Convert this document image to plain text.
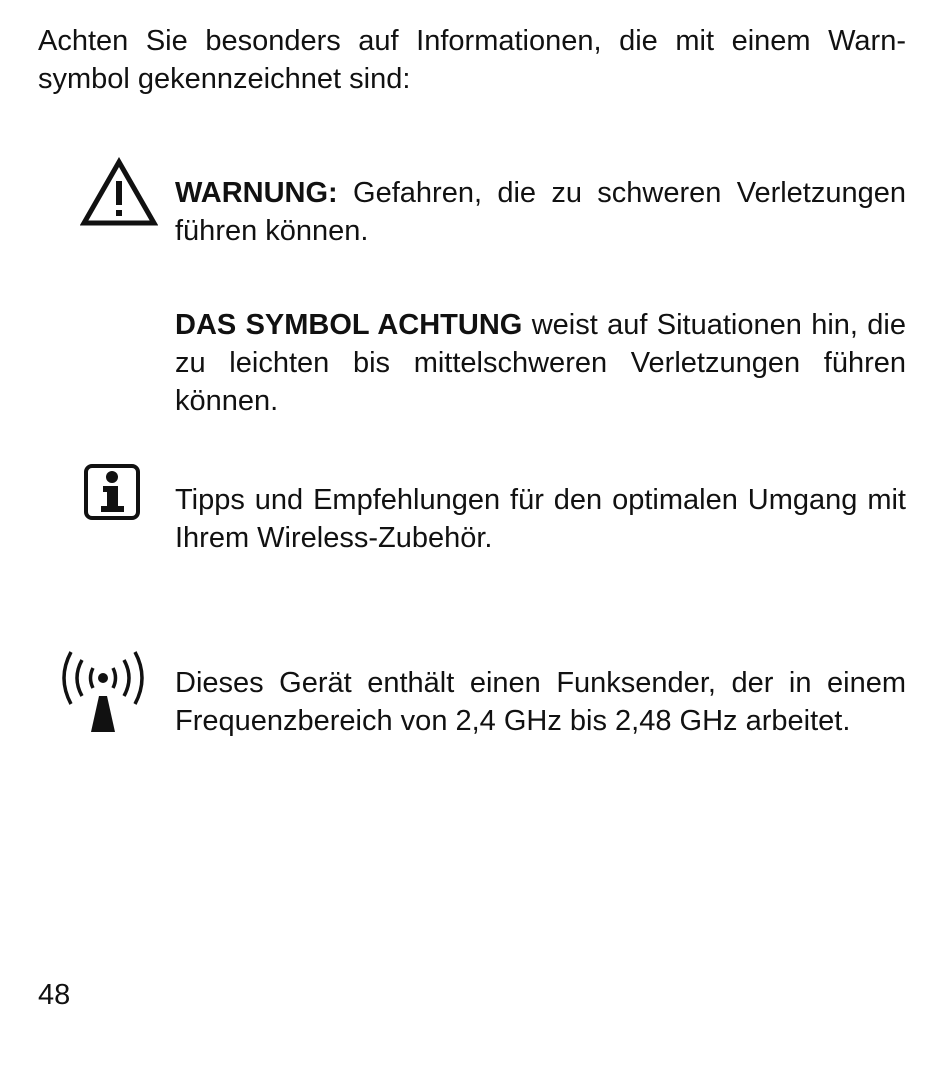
Achten Sie besonders auf Informationen, die mit einem Warn-
symbol gekennzeichnet sind:

WARNUNG: Gefahren, die zu schweren Verletzungen führen können.

DAS SYMBOL ACHTUNG weist auf Situationen hin, die zu leichten bis mittelschweren Verletzungen führen können.

Tipps und Empfehlungen für den optimalen Umgang mit Ihrem Wireless-Zubehör.

Dieses Gerät enthält einen Funksender, der in einem Frequenzbereich von 2,4 GHz bis 2,48 GHz arbeitet.

48
